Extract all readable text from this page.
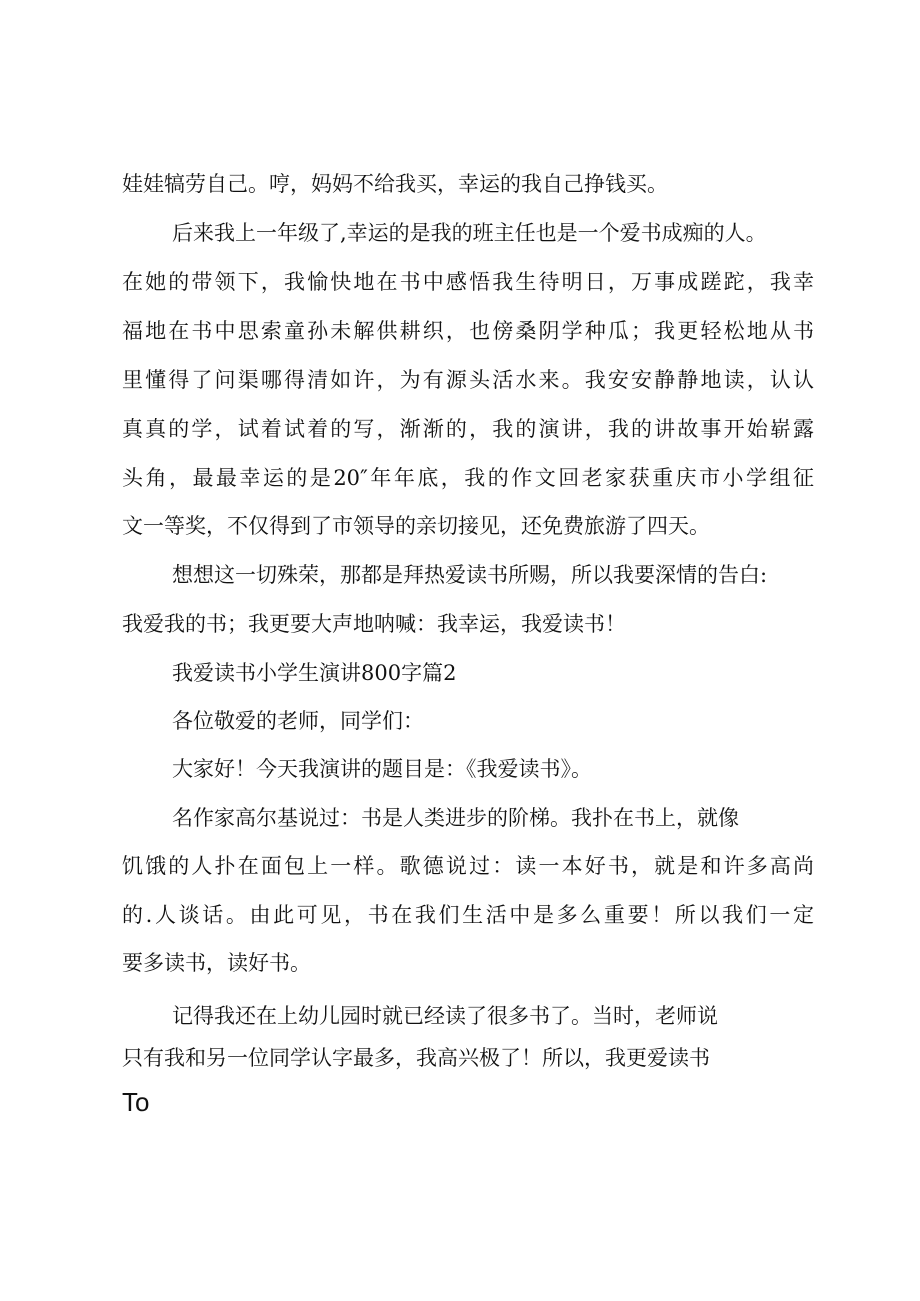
娃娃犒劳自己。哼，妈妈不给我买，幸运的我自己挣钱买。
后来我上一年级了,幸运的是我的班主任也是一个爱书成痴的人。
在她的带领下，我愉快地在书中感悟我生待明日，万事成蹉跎，我幸
福地在书中思索童孙未解供耕织，也傍桑阴学种瓜；我更轻松地从书
里懂得了问渠哪得清如许，为有源头活水来。我安安静静地读，认认
真真的学，试着试着的写，渐渐的，我的演讲，我的讲故事开始崭露
头角，最最幸运的是20″年年底，我的作文回老家获重庆市小学组征
文一等奖，不仅得到了市领导的亲切接见，还免费旅游了四天。
想想这一切殊荣，那都是拜热爱读书所赐，所以我要深情的告白:
我爱我的书；我更要大声地呐喊：我幸运，我爱读书！
我爱读书小学生演讲800字篇2
各位敬爱的老师，同学们：
大家好！今天我演讲的题目是：《我爱读书》。
名作家高尔基说过：书是人类进步的阶梯。我扑在书上，就像
饥饿的人扑在面包上一样。歌德说过：读一本好书，就是和许多高尚
的.人谈话。由此可见，书在我们生活中是多么重要！所以我们一定
要多读书，读好书。
记得我还在上幼儿园时就已经读了很多书了。当时，老师说
只有我和另一位同学认字最多，我高兴极了！所以，我更爱读书
To
